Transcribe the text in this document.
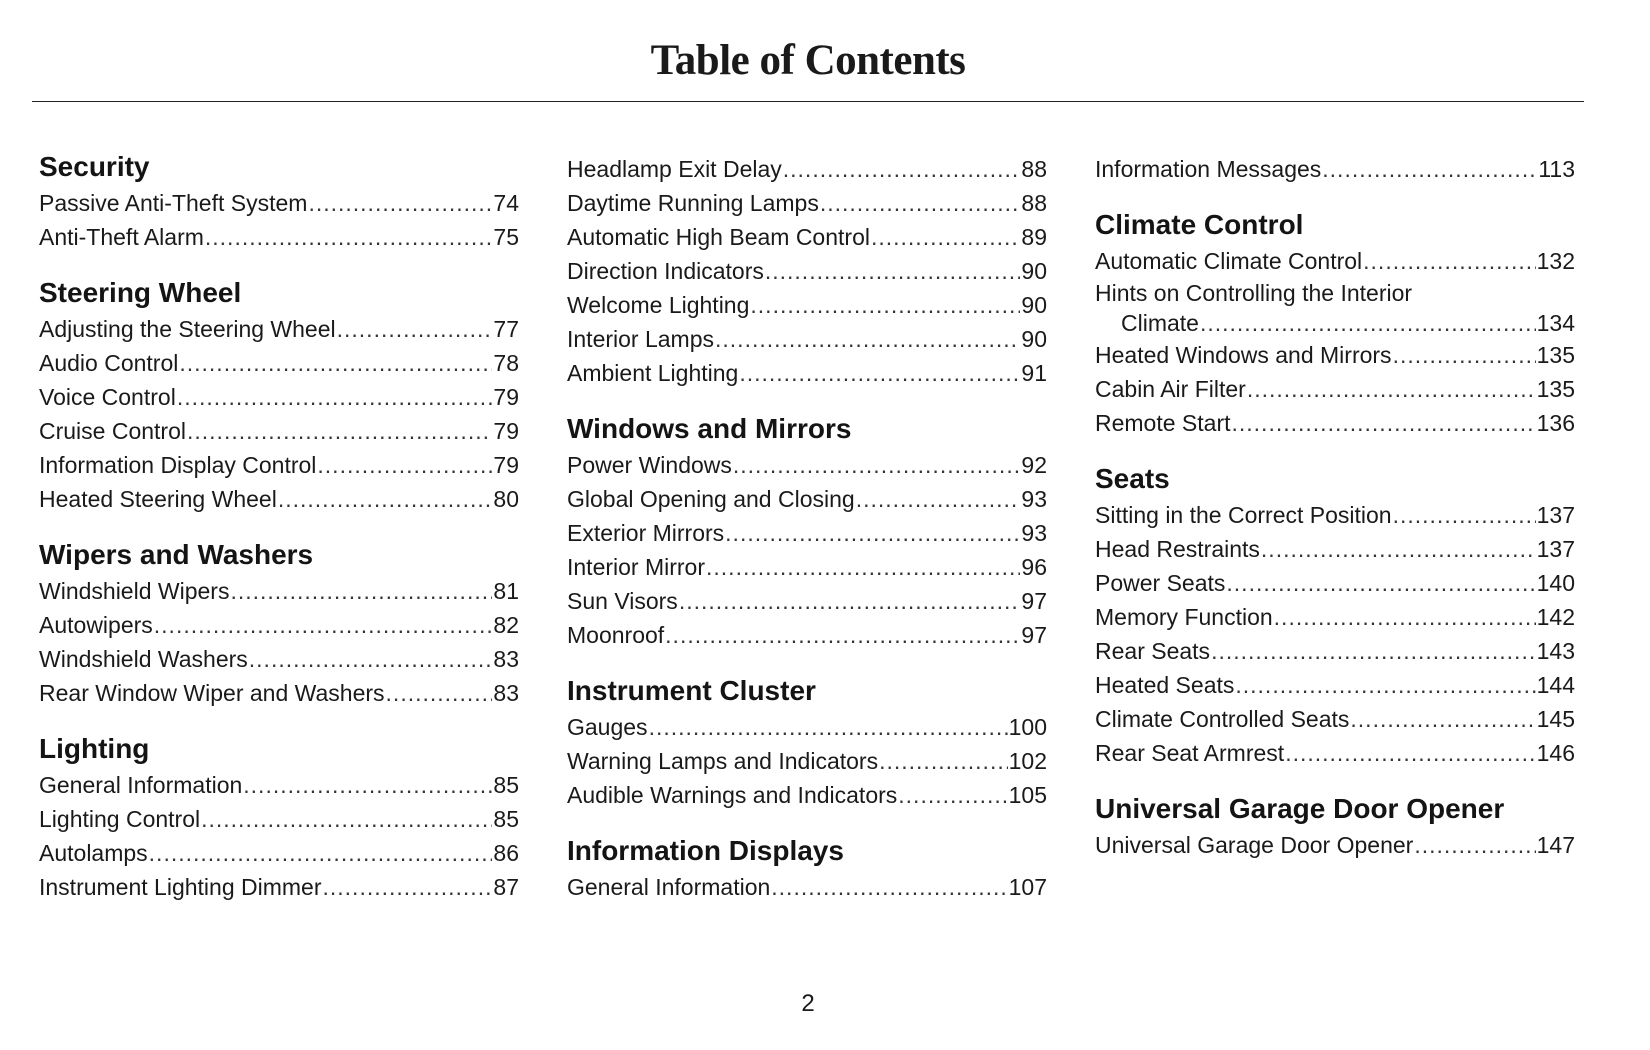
Table of Contents
Security
Passive Anti-Theft System .....	74
Anti-Theft Alarm .....	75
Steering Wheel
Adjusting the Steering Wheel .....	77
Audio Control .....	78
Voice Control .....	79
Cruise Control .....	79
Information Display Control .....	79
Heated Steering Wheel .....	80
Wipers and Washers
Windshield Wipers .....	81
Autowipers .....	82
Windshield Washers .....	83
Rear Window Wiper and Washers .....	83
Lighting
General Information .....	85
Lighting Control .....	85
Autolamps .....	86
Instrument Lighting Dimmer .....	87
Headlamp Exit Delay .....	88
Daytime Running Lamps .....	88
Automatic High Beam Control .....	89
Direction Indicators .....	90
Welcome Lighting .....	90
Interior Lamps .....	90
Ambient Lighting .....	91
Windows and Mirrors
Power Windows .....	92
Global Opening and Closing .....	93
Exterior Mirrors .....	93
Interior Mirror .....	96
Sun Visors .....	97
Moonroof .....	97
Instrument Cluster
Gauges .....	100
Warning Lamps and Indicators .....	102
Audible Warnings and Indicators .....	105
Information Displays
General Information .....	107
Information Messages .....	113
Climate Control
Automatic Climate Control .....	132
Hints on Controlling the Interior
Climate .....	134
Heated Windows and Mirrors .....	135
Cabin Air Filter .....	135
Remote Start .....	136
Seats
Sitting in the Correct Position .....	137
Head Restraints .....	137
Power Seats .....	140
Memory Function .....	142
Rear Seats .....	143
Heated Seats .....	144
Climate Controlled Seats .....	145
Rear Seat Armrest .....	146
Universal Garage Door Opener
Universal Garage Door Opener .....	147
2
